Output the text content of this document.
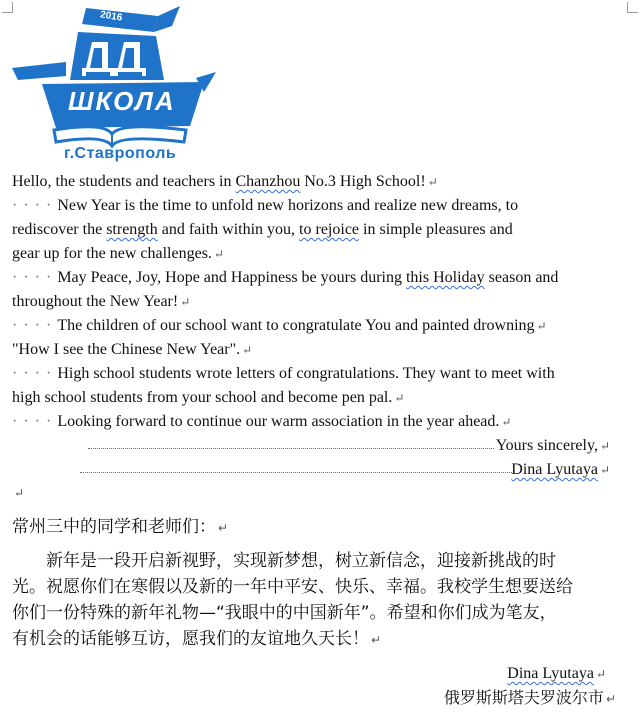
2016

ШКОЛА

г.Ставрополь

Hello, the students and teachers in Chanzhou No.3 High School! ↵

· · · · New Year is the time to unfold new horizons and realize new dreams, to

rediscover the strength and faith within you, to rejoice in simple pleasures and

gear up for the new challenges. ↵

· · · · May Peace, Joy, Hope and Happiness be yours during this Holiday season and

throughout the New Year! ↵

· · · · The children of our school want to congratulate You and painted drowning ↵

"How I see the Chinese New Year". ↵

· · · · High school students wrote letters of congratulations. They want to meet with

high school students from your school and become pen pal. ↵

· · · · Looking forward to continue our warm association in the year ahead. ↵

Yours sincerely, ↵

Dina Lyutaya ↵

↵

常州三中的同学和老师们： ↵

新年是一段开启新视野，实现新梦想，树立新信念，迎接新挑战的时
光。祝愿你们在寒假以及新的一年中平安、快乐、幸福。我校学生想要送给
你们一份特殊的新年礼物—“我眼中的中国新年”。希望和你们成为笔友，
有机会的话能够互访，愿我们的友谊地久天长！ ↵

Dina Lyutaya ↵

俄罗斯斯塔夫罗波尔市 ↵
